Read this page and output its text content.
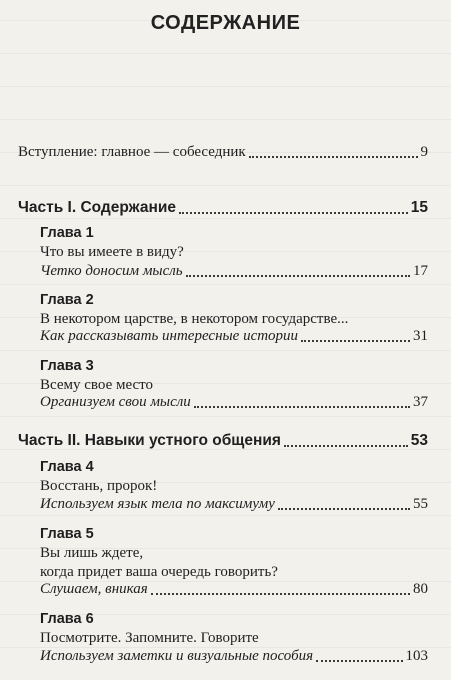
СОДЕРЖАНИЕ
Вступление: главное — собеседник	9
Часть I. Содержание	15
Глава 1
Что вы имеете в виду?
Четко доносим мысль	17
Глава 2
В некотором царстве, в некотором государстве...
Как рассказывать интересные истории	31
Глава 3
Всему свое место
Организуем свои мысли	37
Часть II. Навыки устного общения	53
Глава 4
Восстань, пророк!
Используем язык тела по максимуму	55
Глава 5
Вы лишь ждете,
когда придет ваша очередь говорить?
Слушаем, вникая	80
Глава 6
Посмотрите. Запомните. Говорите
Используем заметки и визуальные пособия	103
